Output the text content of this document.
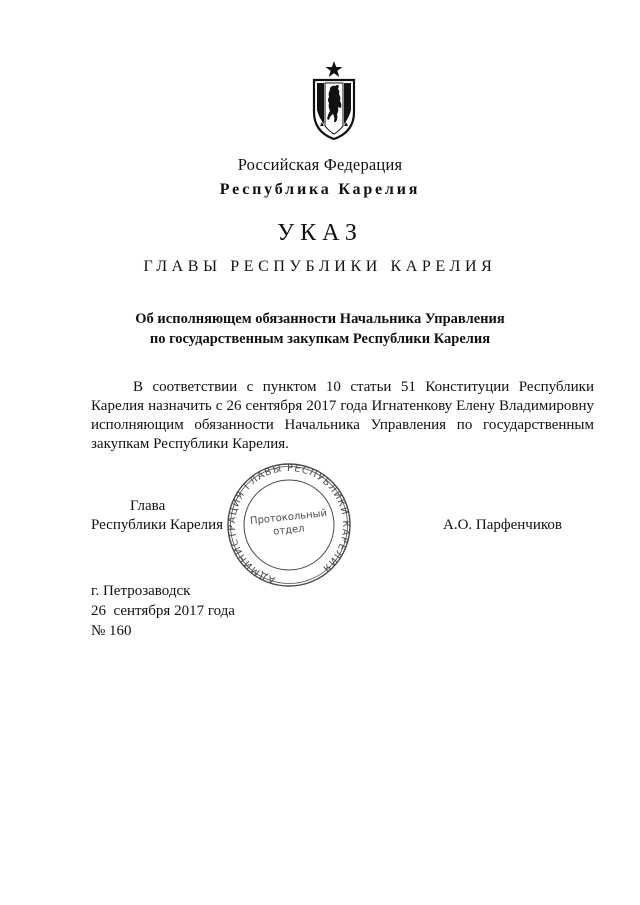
Российская Федерация
Республика Карелия
УКАЗ
ГЛАВЫ РЕСПУБЛИКИ КАРЕЛИЯ
Об исполняющем обязанности Начальника Управления
по государственным закупкам Республики Карелия
В соответствии с пунктом 10 статьи 51 Конституции Республики Карелия назначить с 26 сентября 2017 года Игнатенкову Елену Владимировну исполняющим обязанности Начальника Управления по государственным закупкам Республики Карелия.
АДМИНИСТРАЦИЯ ГЛАВЫ РЕСПУБЛИКИ КАРЕЛИЯ
Протокольный
отдел
Глава
Республики Карелия	А.О. Парфенчиков
г. Петрозаводск
26  сентября 2017 года
№ 160
